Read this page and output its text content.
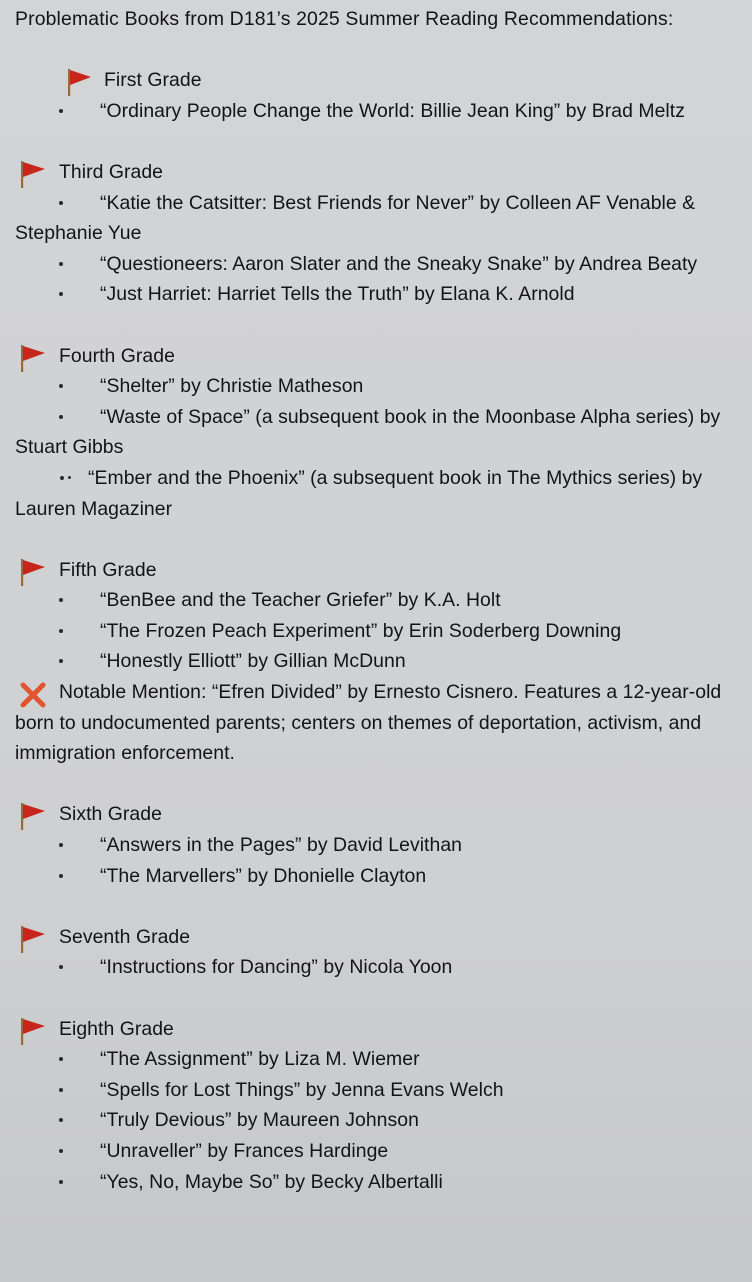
Problematic Books from D181’s 2025 Summer Reading Recommendations:
First Grade
“Ordinary People Change the World: Billie Jean King” by Brad Meltz
Third Grade
“Katie the Catsitter: Best Friends for Never” by Colleen AF Venable & Stephanie Yue
“Questioneers: Aaron Slater and the Sneaky Snake” by Andrea Beaty
“Just Harriet: Harriet Tells the Truth” by Elana K. Arnold
Fourth Grade
“Shelter” by Christie Matheson
“Waste of Space” (a subsequent book in the Moonbase Alpha series) by Stuart Gibbs
“Ember and the Phoenix” (a subsequent book in The Mythics series) by Lauren Magaziner
Fifth Grade
“BenBee and the Teacher Griefer” by K.A. Holt
“The Frozen Peach Experiment” by Erin Soderberg Downing
“Honestly Elliott” by Gillian McDunn
Notable Mention: “Efren Divided” by Ernesto Cisnero. Features a 12-year-old born to undocumented parents; centers on themes of deportation, activism, and immigration enforcement.
Sixth Grade
“Answers in the Pages” by David Levithan
“The Marvellers” by Dhonielle Clayton
Seventh Grade
“Instructions for Dancing” by Nicola Yoon
Eighth Grade
“The Assignment” by Liza M. Wiemer
“Spells for Lost Things” by Jenna Evans Welch
“Truly Devious” by Maureen Johnson
“Unraveller” by Frances Hardinge
“Yes, No, Maybe So” by Becky Albertalli
